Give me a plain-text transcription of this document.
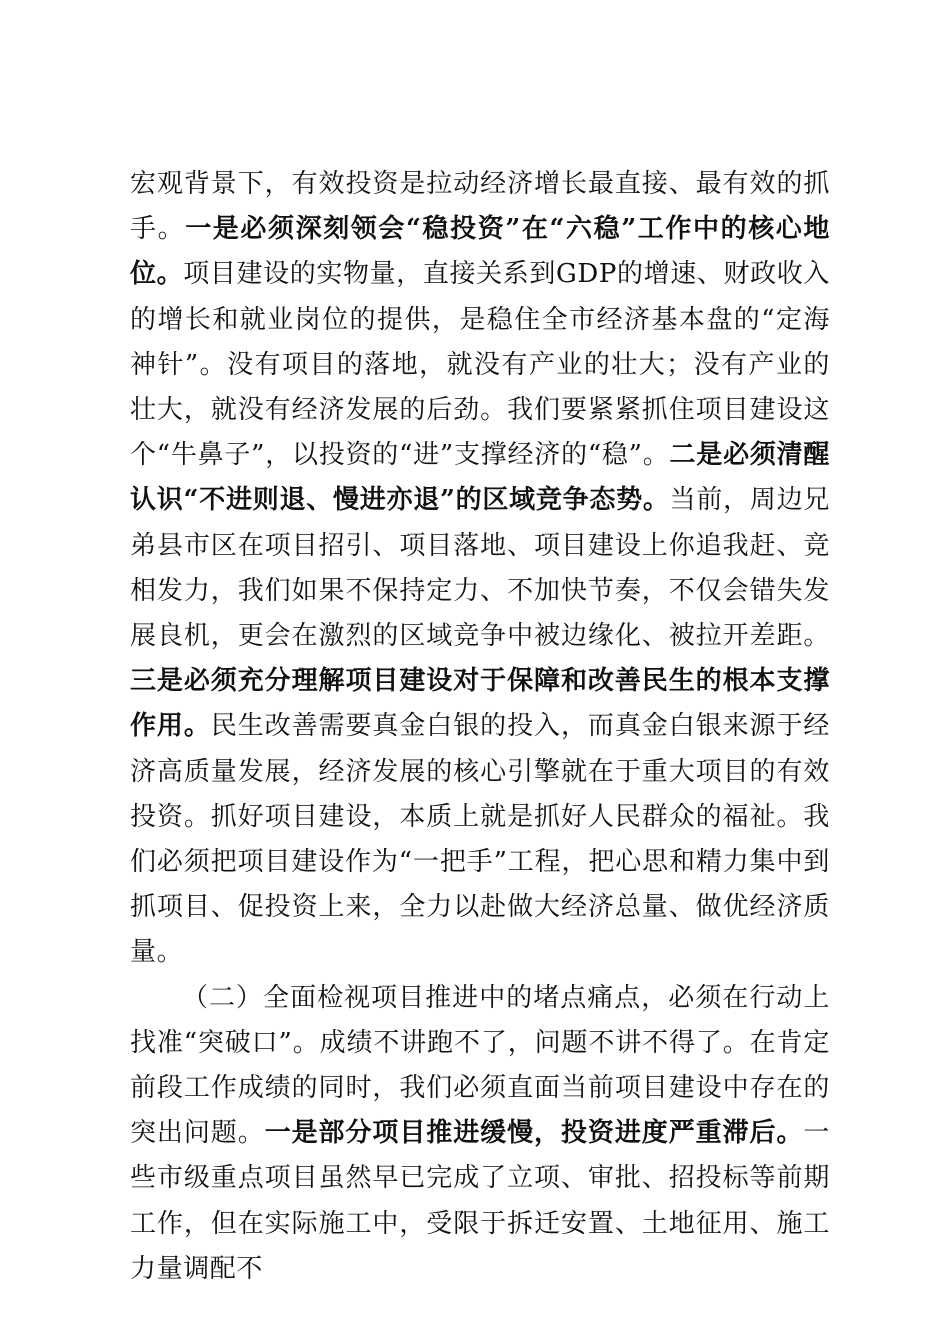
宏观背景下，有效投资是拉动经济增长最直接、最有效的抓手。一是必须深刻领会“稳投资”在“六稳”工作中的核心地位。项目建设的实物量，直接关系到GDP的增速、财政收入的增长和就业岗位的提供，是稳住全市经济基本盘的“定海神针”。没有项目的落地，就没有产业的壮大；没有产业的壮大，就没有经济发展的后劲。我们要紧紧抓住项目建设这个“牛鼻子”，以投资的“进”支撑经济的“稳”。二是必须清醒认识“不进则退、慢进亦退”的区域竞争态势。当前，周边兄弟县市区在项目招引、项目落地、项目建设上你追我赶、竞相发力，我们如果不保持定力、不加快节奏，不仅会错失发展良机，更会在激烈的区域竞争中被边缘化、被拉开差距。三是必须充分理解项目建设对于保障和改善民生的根本支撑作用。民生改善需要真金白银的投入，而真金白银来源于经济高质量发展，经济发展的核心引擎就在于重大项目的有效投资。抓好项目建设，本质上就是抓好人民群众的福祉。我们必须把项目建设作为“一把手”工程，把心思和精力集中到抓项目、促投资上来，全力以赴做大经济总量、做优经济质量。

（二）全面检视项目推进中的堵点痛点，必须在行动上找准“突破口”。成绩不讲跑不了，问题不讲不得了。在肯定前段工作成绩的同时，我们必须直面当前项目建设中存在的突出问题。一是部分项目推进缓慢，投资进度严重滞后。一些市级重点项目虽然早已完成了立项、审批、招投标等前期工作，但在实际施工中，受限于拆迁安置、土地征用、施工力量调配不
